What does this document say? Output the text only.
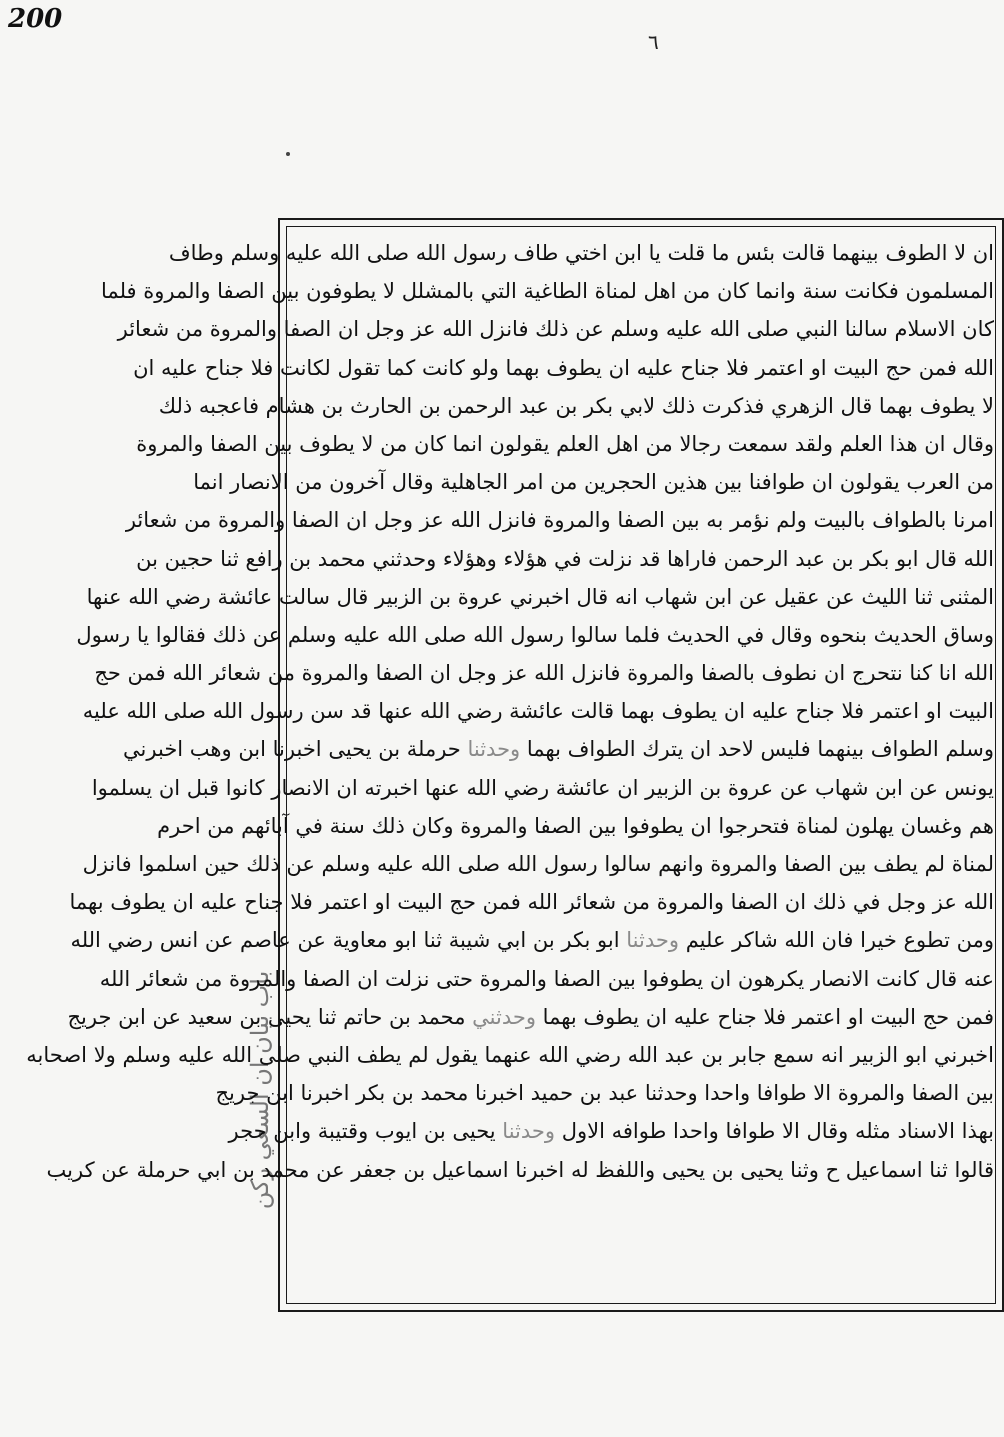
200
٦
باب بيان ان السعي ركن
ان لا الطوف بينهما قالت بئس ما قلت يا ابن اختي طاف رسول الله صلى الله عليه وسلم وطاف
المسلمون فكانت سنة وانما كان من اهل لمناة الطاغية التي بالمشلل لا يطوفون بين الصفا والمروة فلما
كان الاسلام سالنا النبي صلى الله عليه وسلم عن ذلك فانزل الله عز وجل ان الصفا والمروة من شعائر
الله فمن حج البيت او اعتمر فلا جناح عليه ان يطوف بهما ولو كانت كما تقول لكانت فلا جناح عليه ان
لا يطوف بهما قال الزهري فذكرت ذلك لابي بكر بن عبد الرحمن بن الحارث بن هشام فاعجبه ذلك
وقال ان هذا العلم ولقد سمعت رجالا من اهل العلم يقولون انما كان من لا يطوف بين الصفا والمروة
من العرب يقولون ان طوافنا بين هذين الحجرين من امر الجاهلية وقال آخرون من الانصار انما
امرنا بالطواف بالبيت ولم نؤمر به بين الصفا والمروة فانزل الله عز وجل ان الصفا والمروة من شعائر
الله قال ابو بكر بن عبد الرحمن فاراها قد نزلت في هؤلاء وهؤلاء وحدثني محمد بن رافع ثنا حجين بن
المثنى ثنا الليث عن عقيل عن ابن شهاب انه قال اخبرني عروة بن الزبير قال سالت عائشة رضي الله عنها
وساق الحديث بنحوه وقال في الحديث فلما سالوا رسول الله صلى الله عليه وسلم عن ذلك فقالوا يا رسول
الله انا كنا نتحرج ان نطوف بالصفا والمروة فانزل الله عز وجل ان الصفا والمروة من شعائر الله فمن حج
البيت او اعتمر فلا جناح عليه ان يطوف بهما قالت عائشة رضي الله عنها قد سن رسول الله صلى الله عليه
وسلم الطواف بينهما فليس لاحد ان يترك الطواف بهما وحدثنا حرملة بن يحيى اخبرنا ابن وهب اخبرني
يونس عن ابن شهاب عن عروة بن الزبير ان عائشة رضي الله عنها اخبرته ان الانصار كانوا قبل ان يسلموا
هم وغسان يهلون لمناة فتحرجوا ان يطوفوا بين الصفا والمروة وكان ذلك سنة في آبائهم من احرم
لمناة لم يطف بين الصفا والمروة وانهم سالوا رسول الله صلى الله عليه وسلم عن ذلك حين اسلموا فانزل
الله عز وجل في ذلك ان الصفا والمروة من شعائر الله فمن حج البيت او اعتمر فلا جناح عليه ان يطوف بهما
ومن تطوع خيرا فان الله شاكر عليم وحدثنا ابو بكر بن ابي شيبة ثنا ابو معاوية عن عاصم عن انس رضي الله
عنه قال كانت الانصار يكرهون ان يطوفوا بين الصفا والمروة حتى نزلت ان الصفا والمروة من شعائر الله
فمن حج البيت او اعتمر فلا جناح عليه ان يطوف بهما وحدثني محمد بن حاتم ثنا يحيى بن سعيد عن ابن جريج
اخبرني ابو الزبير انه سمع جابر بن عبد الله رضي الله عنهما يقول لم يطف النبي صلى الله عليه وسلم ولا اصحابه
بين الصفا والمروة الا طوافا واحدا وحدثنا عبد بن حميد اخبرنا محمد بن بكر اخبرنا ابن جريج
بهذا الاسناد مثله وقال الا طوافا واحدا طوافه الاول وحدثنا يحيى بن ايوب وقتيبة وابن حجر
قالوا ثنا اسماعيل ح وثنا يحيى بن يحيى واللفظ له اخبرنا اسماعيل بن جعفر عن محمد بن ابي حرملة عن كريب
